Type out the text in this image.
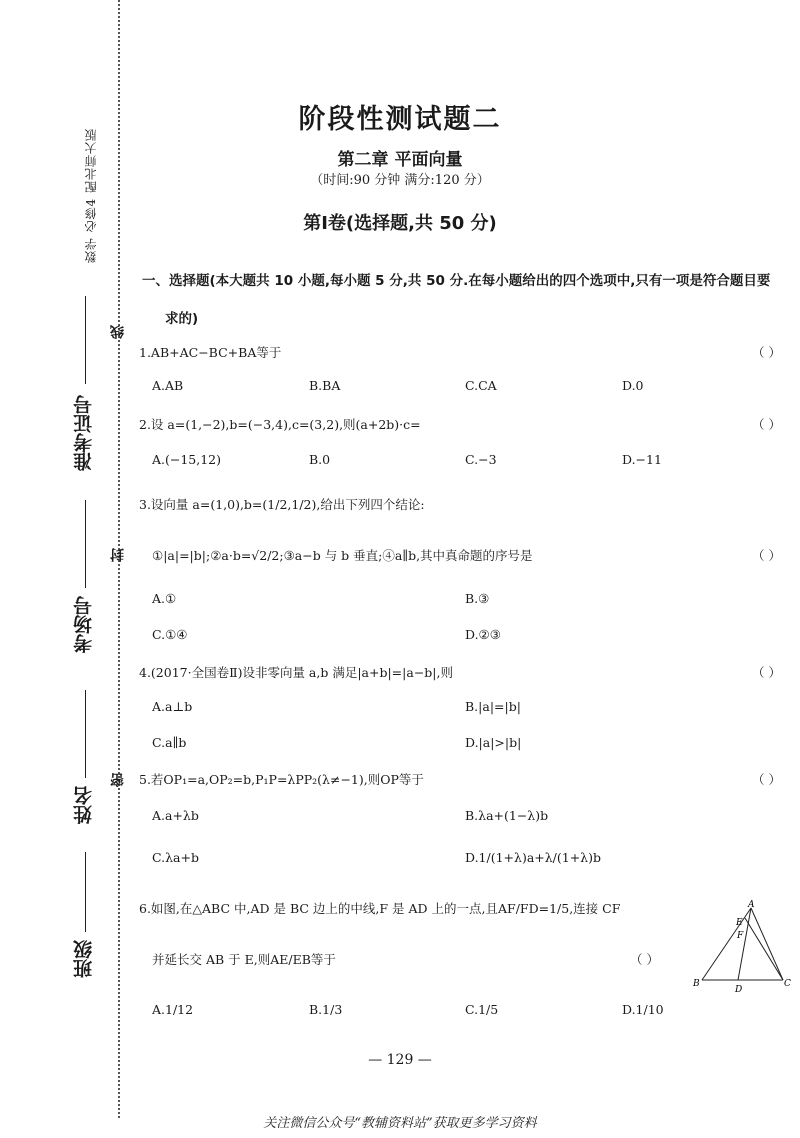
数学 必修4 配北师大版
准考证号
考场号
姓名
班级
线
封
密
阶段性测试题二
第二章 平面向量
（时间:90 分钟 满分:120 分）
第Ⅰ卷(选择题,共 50 分)
一、选择题(本大题共 10 小题,每小题 5 分,共 50 分.在每小题给出的四个选项中,只有一项是符合题目要
求的)
1.AB+AC−BC+BA等于	（ ）
A.AB	B.BA	C.CA	D.0
2.设 a=(1,−2),b=(−3,4),c=(3,2),则(a+2b)·c=	（ ）
A.(−15,12)	B.0	C.−3	D.−11
3.设向量 a=(1,0),b=(1/2,1/2),给出下列四个结论:
①|a|=|b|;②a·b=√2/2;③a−b 与 b 垂直;④a∥b,其中真命题的序号是	（ ）
A.①	B.③
C.①④	D.②③
4.(2017·全国卷Ⅱ)设非零向量 a,b 满足|a+b|=|a−b|,则	（ ）
A.a⊥b	B.|a|=|b|
C.a∥b	D.|a|>|b|
5.若OP₁=a,OP₂=b,P₁P=λPP₂(λ≠−1),则OP等于	（ ）
A.a+λb	B.λa+(1−λ)b
C.λa+b	D.1/(1+λ)a+λ/(1+λ)b
6.如图,在△ABC 中,AD 是 BC 边上的中线,F 是 AD 上的一点,且AF/FD=1/5,连接 CF
并延长交 AB 于 E,则AE/EB等于	（ ）
A.1/12	B.1/3	C.1/5	D.1/10
A
E
F
B
D
C
— 129 —
关注微信公众号“教辅资料站”获取更多学习资料
